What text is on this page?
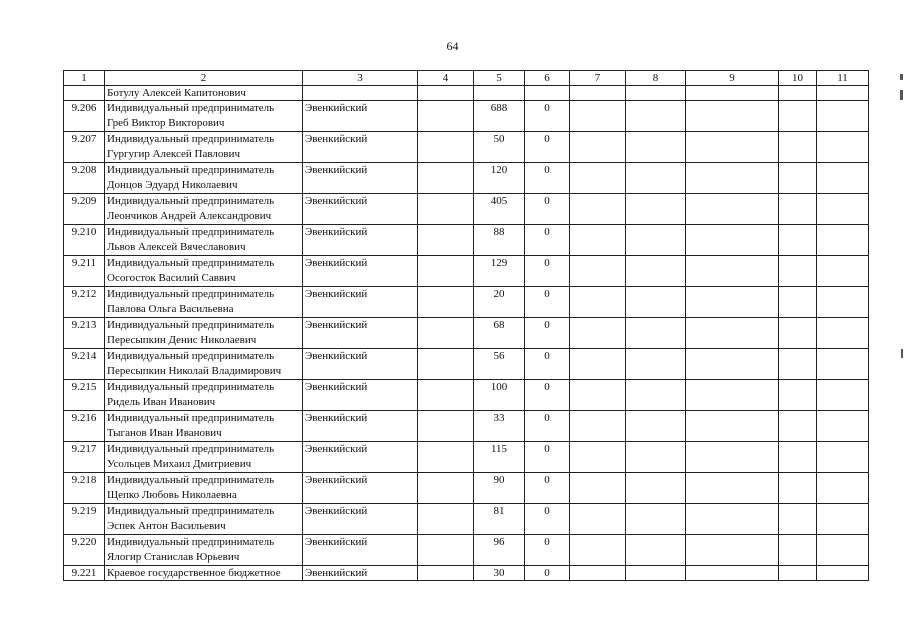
64
1	2	3	4	5	6	7	8	9	10	11
	Ботулу Алексей Капитонович									
9.206	Индивидуальный предприниматель
Греб Виктор Викторович	Эвенкийский		688	0					
9.207	Индивидуальный предприниматель
Гургугир Алексей Павлович	Эвенкийский		50	0					
9.208	Индивидуальный предприниматель
Донцов Эдуард Николаевич	Эвенкийский		120	0					
9.209	Индивидуальный предприниматель
Леончиков Андрей Александрович	Эвенкийский		405	0					
9.210	Индивидуальный предприниматель
Львов Алексей Вячеславович	Эвенкийский		88	0					
9.211	Индивидуальный предприниматель
Осогосток Василий Саввич	Эвенкийский		129	0					
9.212	Индивидуальный предприниматель
Павлова Ольга Васильевна	Эвенкийский		20	0					
9.213	Индивидуальный предприниматель
Пересыпкин Денис Николаевич	Эвенкийский		68	0					
9.214	Индивидуальный предприниматель
Пересыпкин Николай Владимирович	Эвенкийский		56	0					
9.215	Индивидуальный предприниматель
Ридель Иван Иванович	Эвенкийский		100	0					
9.216	Индивидуальный предприниматель
Тыганов Иван Иванович	Эвенкийский		33	0					
9.217	Индивидуальный предприниматель
Усольцев Михаил Дмитриевич	Эвенкийский		115	0					
9.218	Индивидуальный предприниматель
Щепко Любовь Николаевна	Эвенкийский		90	0					
9.219	Индивидуальный предприниматель
Эспек Антон Васильевич	Эвенкийский		81	0					
9.220	Индивидуальный предприниматель
Ялогир Станислав Юрьевич	Эвенкийский		96	0					
9.221	Краевое государственное бюджетное	Эвенкийский		30	0					
